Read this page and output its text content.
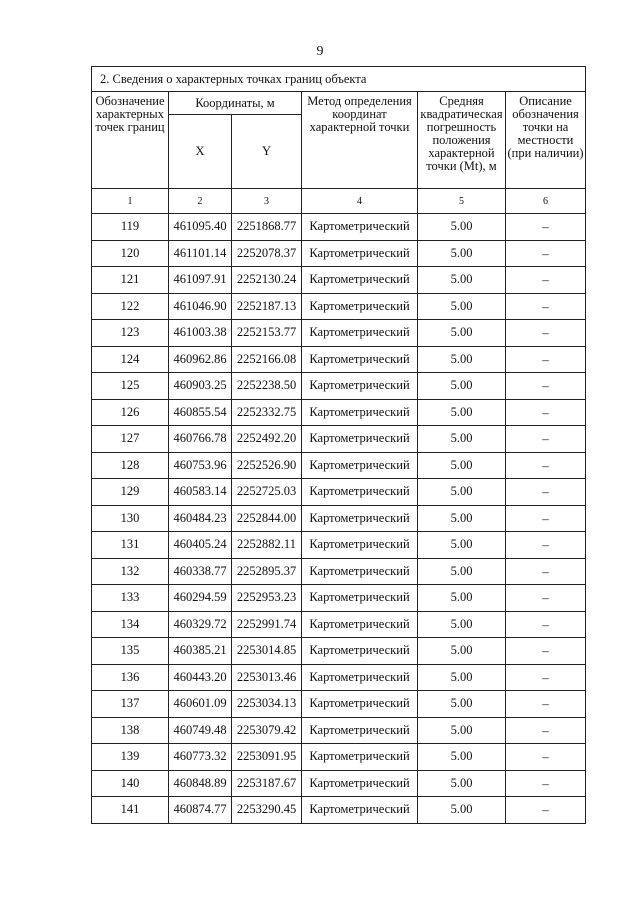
9
2. Сведения о характерных точках границ объекта					
Обозначение характерных точек границ	Координаты, м		Метод определения координат характерной точки	Средняя квадратическая погрешность положения характерной точки (Mt), м	Описание обозначения точки на местности (при наличии)
	X	Y			
1	2	3	4	5	6
119	461095.40	2251868.77	Картометрический	5.00	–
120	461101.14	2252078.37	Картометрический	5.00	–
121	461097.91	2252130.24	Картометрический	5.00	–
122	461046.90	2252187.13	Картометрический	5.00	–
123	461003.38	2252153.77	Картометрический	5.00	–
124	460962.86	2252166.08	Картометрический	5.00	–
125	460903.25	2252238.50	Картометрический	5.00	–
126	460855.54	2252332.75	Картометрический	5.00	–
127	460766.78	2252492.20	Картометрический	5.00	–
128	460753.96	2252526.90	Картометрический	5.00	–
129	460583.14	2252725.03	Картометрический	5.00	–
130	460484.23	2252844.00	Картометрический	5.00	–
131	460405.24	2252882.11	Картометрический	5.00	–
132	460338.77	2252895.37	Картометрический	5.00	–
133	460294.59	2252953.23	Картометрический	5.00	–
134	460329.72	2252991.74	Картометрический	5.00	–
135	460385.21	2253014.85	Картометрический	5.00	–
136	460443.20	2253013.46	Картометрический	5.00	–
137	460601.09	2253034.13	Картометрический	5.00	–
138	460749.48	2253079.42	Картометрический	5.00	–
139	460773.32	2253091.95	Картометрический	5.00	–
140	460848.89	2253187.67	Картометрический	5.00	–
141	460874.77	2253290.45	Картометрический	5.00	–
